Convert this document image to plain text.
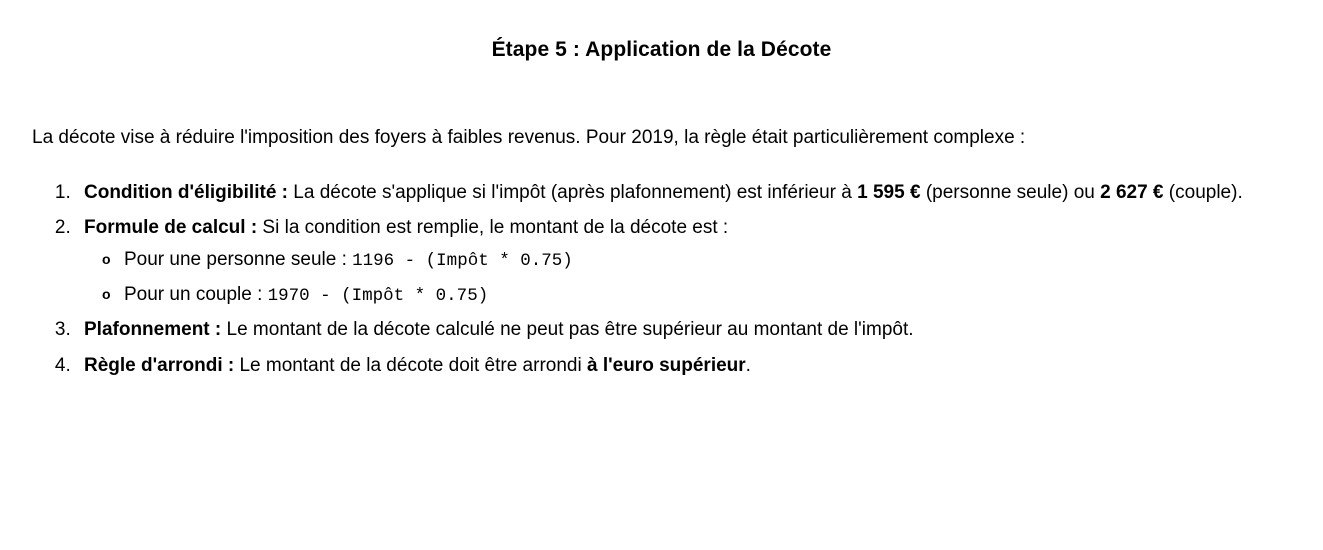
Étape 5 : Application de la Décote

La décote vise à réduire l'imposition des foyers à faibles revenus. Pour 2019, la règle était particulièrement complexe :

1. Condition d'éligibilité : La décote s'applique si l'impôt (après plafonnement) est inférieur à 1 595 € (personne seule) ou 2 627 € (couple).
2. Formule de calcul : Si la condition est remplie, le montant de la décote est :
o Pour une personne seule : 1196 - (Impôt * 0.75)
o Pour un couple : 1970 - (Impôt * 0.75)
3. Plafonnement : Le montant de la décote calculé ne peut pas être supérieur au montant de l'impôt.
4. Règle d'arrondi : Le montant de la décote doit être arrondi à l'euro supérieur.
